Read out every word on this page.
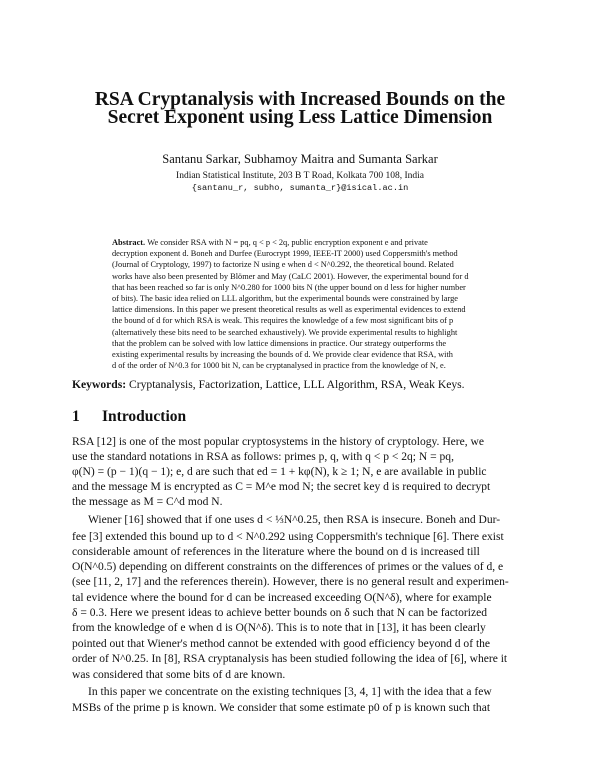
RSA Cryptanalysis with Increased Bounds on the
Secret Exponent using Less Lattice Dimension
Santanu Sarkar, Subhamoy Maitra and Sumanta Sarkar
Indian Statistical Institute, 203 B T Road, Kolkata 700 108, India
{santanu_r, subho, sumanta_r}@isical.ac.in
Abstract. We consider RSA with N = pq, q < p < 2q, public encryption exponent e and private
decryption exponent d. Boneh and Durfee (Eurocrypt 1999, IEEE-IT 2000) used Coppersmith's method
(Journal of Cryptology, 1997) to factorize N using e when d < N^0.292, the theoretical bound. Related
works have also been presented by Blömer and May (CaLC 2001). However, the experimental bound for d
that has been reached so far is only N^0.280 for 1000 bits N (the upper bound on d less for higher number
of bits). The basic idea relied on LLL algorithm, but the experimental bounds were constrained by large
lattice dimensions. In this paper we present theoretical results as well as experimental evidences to extend
the bound of d for which RSA is weak. This requires the knowledge of a few most significant bits of p
(alternatively these bits need to be searched exhaustively). We provide experimental results to highlight
that the problem can be solved with low lattice dimensions in practice. Our strategy outperforms the
existing experimental results by increasing the bounds of d. We provide clear evidence that RSA, with
d of the order of N^0.3 for 1000 bit N, can be cryptanalysed in practice from the knowledge of N, e.
Keywords: Cryptanalysis, Factorization, Lattice, LLL Algorithm, RSA, Weak Keys.
1 Introduction
RSA [12] is one of the most popular cryptosystems in the history of cryptology. Here, we
use the standard notations in RSA as follows: primes p, q, with q < p < 2q; N = pq,
φ(N) = (p − 1)(q − 1); e, d are such that ed = 1 + kφ(N), k ≥ 1; N, e are available in public
and the message M is encrypted as C = M^e mod N; the secret key d is required to decrypt
the message as M = C^d mod N.
Wiener [16] showed that if one uses d < ⅓N^0.25, then RSA is insecure. Boneh and Dur-
fee [3] extended this bound up to d < N^0.292 using Coppersmith's technique [6]. There exist
considerable amount of references in the literature where the bound on d is increased till
O(N^0.5) depending on different constraints on the differences of primes or the values of d, e
(see [11, 2, 17] and the references therein). However, there is no general result and experimen-
tal evidence where the bound for d can be increased exceeding O(N^δ), where for example
δ = 0.3. Here we present ideas to achieve better bounds on δ such that N can be factorized
from the knowledge of e when d is O(N^δ). This is to note that in [13], it has been clearly
pointed out that Wiener's method cannot be extended with good efficiency beyond d of the
order of N^0.25. In [8], RSA cryptanalysis has been studied following the idea of [6], where it
was considered that some bits of d are known.
In this paper we concentrate on the existing techniques [3, 4, 1] with the idea that a few
MSBs of the prime p is known. We consider that some estimate p0 of p is known such that
